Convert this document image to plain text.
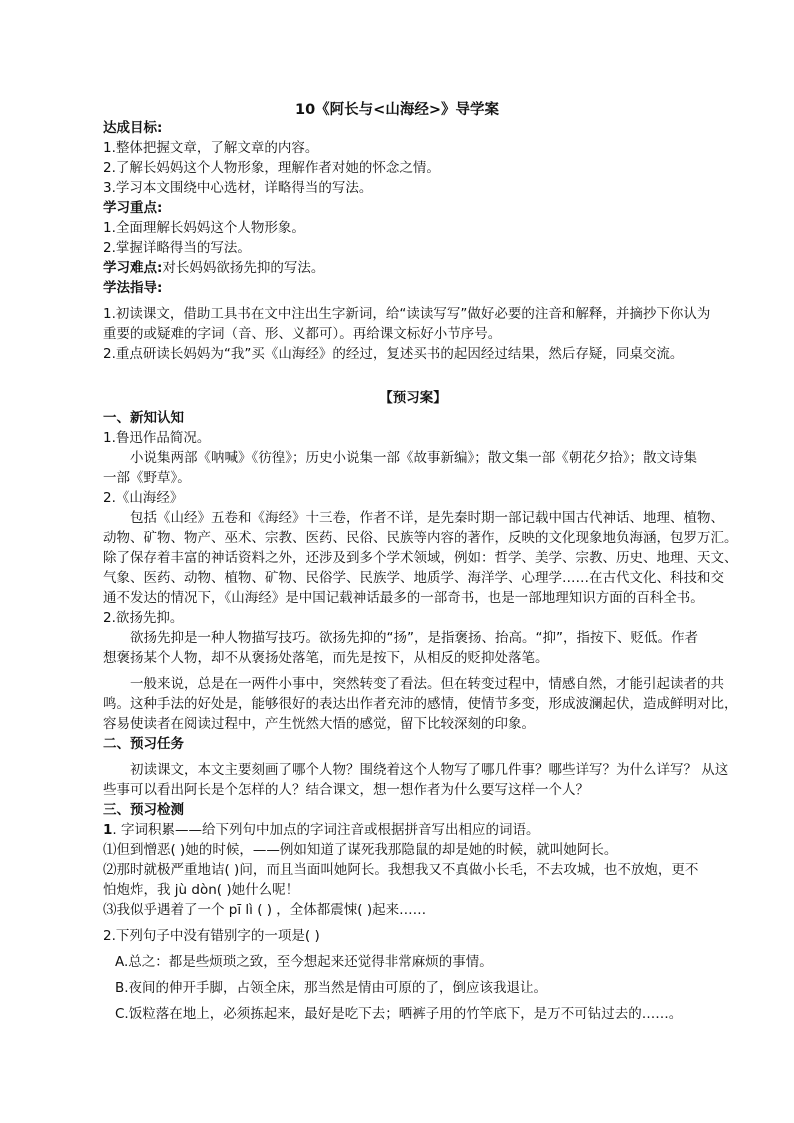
10《阿长与<山海经>》导学案
达成目标:
1.整体把握文章，了解文章的内容。
2.了解长妈妈这个人物形象，理解作者对她的怀念之情。
3.学习本文围绕中心选材，详略得当的写法。
学习重点:
1.全面理解长妈妈这个人物形象。
2.掌握详略得当的写法。
学习难点:对长妈妈欲扬先抑的写法。
学法指导:
1.初读课文，借助工具书在文中注出生字新词，给“读读写写”做好必要的注音和解释，并摘抄下你认为
重要的或疑难的字词（音、形、义都可）。再给课文标好小节序号。
2.重点研读长妈妈为“我”买《山海经》的经过，复述买书的起因经过结果，然后存疑，同桌交流。
【预习案】
一、新知认知
1.鲁迅作品简况。
小说集两部《呐喊》《彷徨》；历史小说集一部《故事新编》；散文集一部《朝花夕拾》；散文诗集
一部《野草》。
2.《山海经》
包括《山经》五卷和《海经》十三卷，作者不详，是先秦时期一部记载中国古代神话、地理、植物、
动物、矿物、物产、巫术、宗教、医药、民俗、民族等内容的著作，反映的文化现象地负海涵，包罗万汇。
除了保存着丰富的神话资料之外，还涉及到多个学术领域，例如：哲学、美学、宗教、历史、地理、天文、
气象、医药、动物、植物、矿物、民俗学、民族学、地质学、海洋学、心理学……在古代文化、科技和交
通不发达的情况下，《山海经》是中国记载神话最多的一部奇书，也是一部地理知识方面的百科全书。
2.欲扬先抑。
欲扬先抑是一种人物描写技巧。欲扬先抑的“扬”，是指褒扬、抬高。“抑”，指按下、贬低。作者
想褒扬某个人物，却不从褒扬处落笔，而先是按下，从相反的贬抑处落笔。
一般来说，总是在一两件小事中，突然转变了看法。但在转变过程中，情感自然，才能引起读者的共
鸣。这种手法的好处是，能够很好的表达出作者充沛的感情，使情节多变，形成波澜起伏，造成鲜明对比，
容易使读者在阅读过程中，产生恍然大悟的感觉，留下比较深刻的印象。
二、预习任务
初读课文，本文主要刻画了哪个人物？围绕着这个人物写了哪几件事？哪些详写？为什么详写？ 从这
些事可以看出阿长是个怎样的人？结合课文，想一想作者为什么要写这样一个人？
三、预习检测
1. 字词积累——给下列句中加点的字词注音或根据拼音写出相应的词语。
⑴但到憎恶( )她的时候，——例如知道了谋死我那隐鼠的却是她的时候，就叫她阿长。
⑵那时就极严重地诘( )问，而且当面叫她阿长。我想我又不真做小长毛，不去攻城，也不放炮，更不
怕炮炸，我 jù dòn( )她什么呢！
⑶我似乎遇着了一个 pī lì ( ) ，全体都震悚( )起来……
2.下列句子中没有错别字的一项是( )
A.总之：都是些烦琐之致，至今想起来还觉得非常麻烦的事情。
B.夜间的伸开手脚，占领全床，那当然是情由可原的了，倒应该我退让。
C.饭粒落在地上，必须拣起来，最好是吃下去；晒裤子用的竹竿底下，是万不可钻过去的……。
